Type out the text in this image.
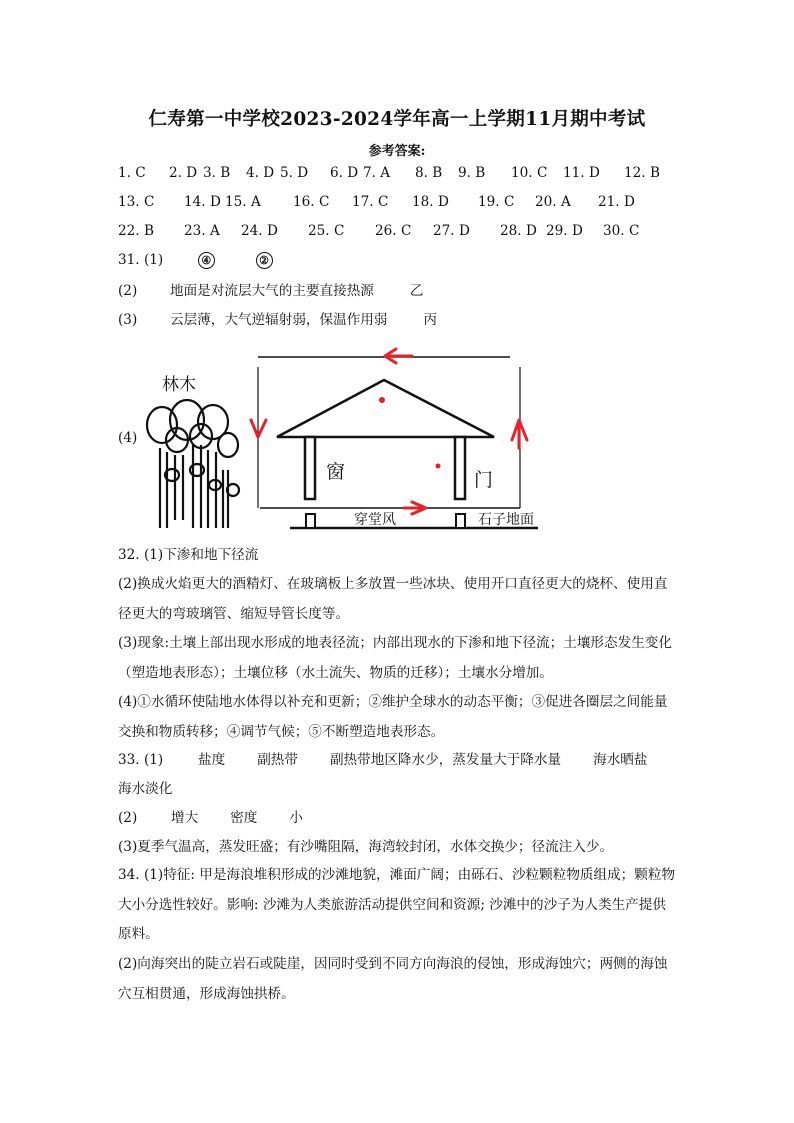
仁寿第一中学校2023-2024学年高一上学期11月期中考试
参考答案:
1. C 2. D 3. B 4. D 5. D 6. D 7. A 8. B 9. B 10. C 11. D 12. B
13. C 14. D 15. A 16. C 17. C 18. D 19. C 20. A 21. D
22. B 23. A 24. D 25. C 26. C 27. D 28. D 29. D 30. C
31. (1)	④	②
(2) 地面是对流层大气的主要直接热源	乙
(3) 云层薄，大气逆辐射弱，保温作用弱	丙
(4)
林木
窗	门
穿堂风	石子地面
32. (1)下渗和地下径流
(2)换成火焰更大的酒精灯、在玻璃板上多放置一些冰块、使用开口直径更大的烧杯、使用直径更大的弯玻璃管、缩短导管长度等。
(3)现象:土壤上部出现水形成的地表径流；内部出现水的下渗和地下径流；土壤形态发生变化（塑造地表形态）；土壤位移（水土流失、物质的迁移）；土壤水分增加。
(4)①水循环使陆地水体得以补充和更新；②维护全球水的动态平衡；③促进各圈层之间能量交换和物质转移；④调节气候；⑤不断塑造地表形态。
33. (1)	盐度 副热带 副热带地区降水少，蒸发量大于降水量 海水晒盐
海水淡化
(2) 增大 密度 小
(3)夏季气温高，蒸发旺盛；有沙嘴阻隔，海湾较封闭，水体交换少；径流注入少。
34. (1)特征: 甲是海浪堆积形成的沙滩地貌，滩面广阔；由砾石、沙粒颗粒物质组成；颗粒物大小分选性较好。影响: 沙滩为人类旅游活动提供空间和资源; 沙滩中的沙子为人类生产提供原料。
(2)向海突出的陡立岩石或陡崖，因同时受到不同方向海浪的侵蚀，形成海蚀穴；两侧的海蚀穴互相贯通，形成海蚀拱桥。
